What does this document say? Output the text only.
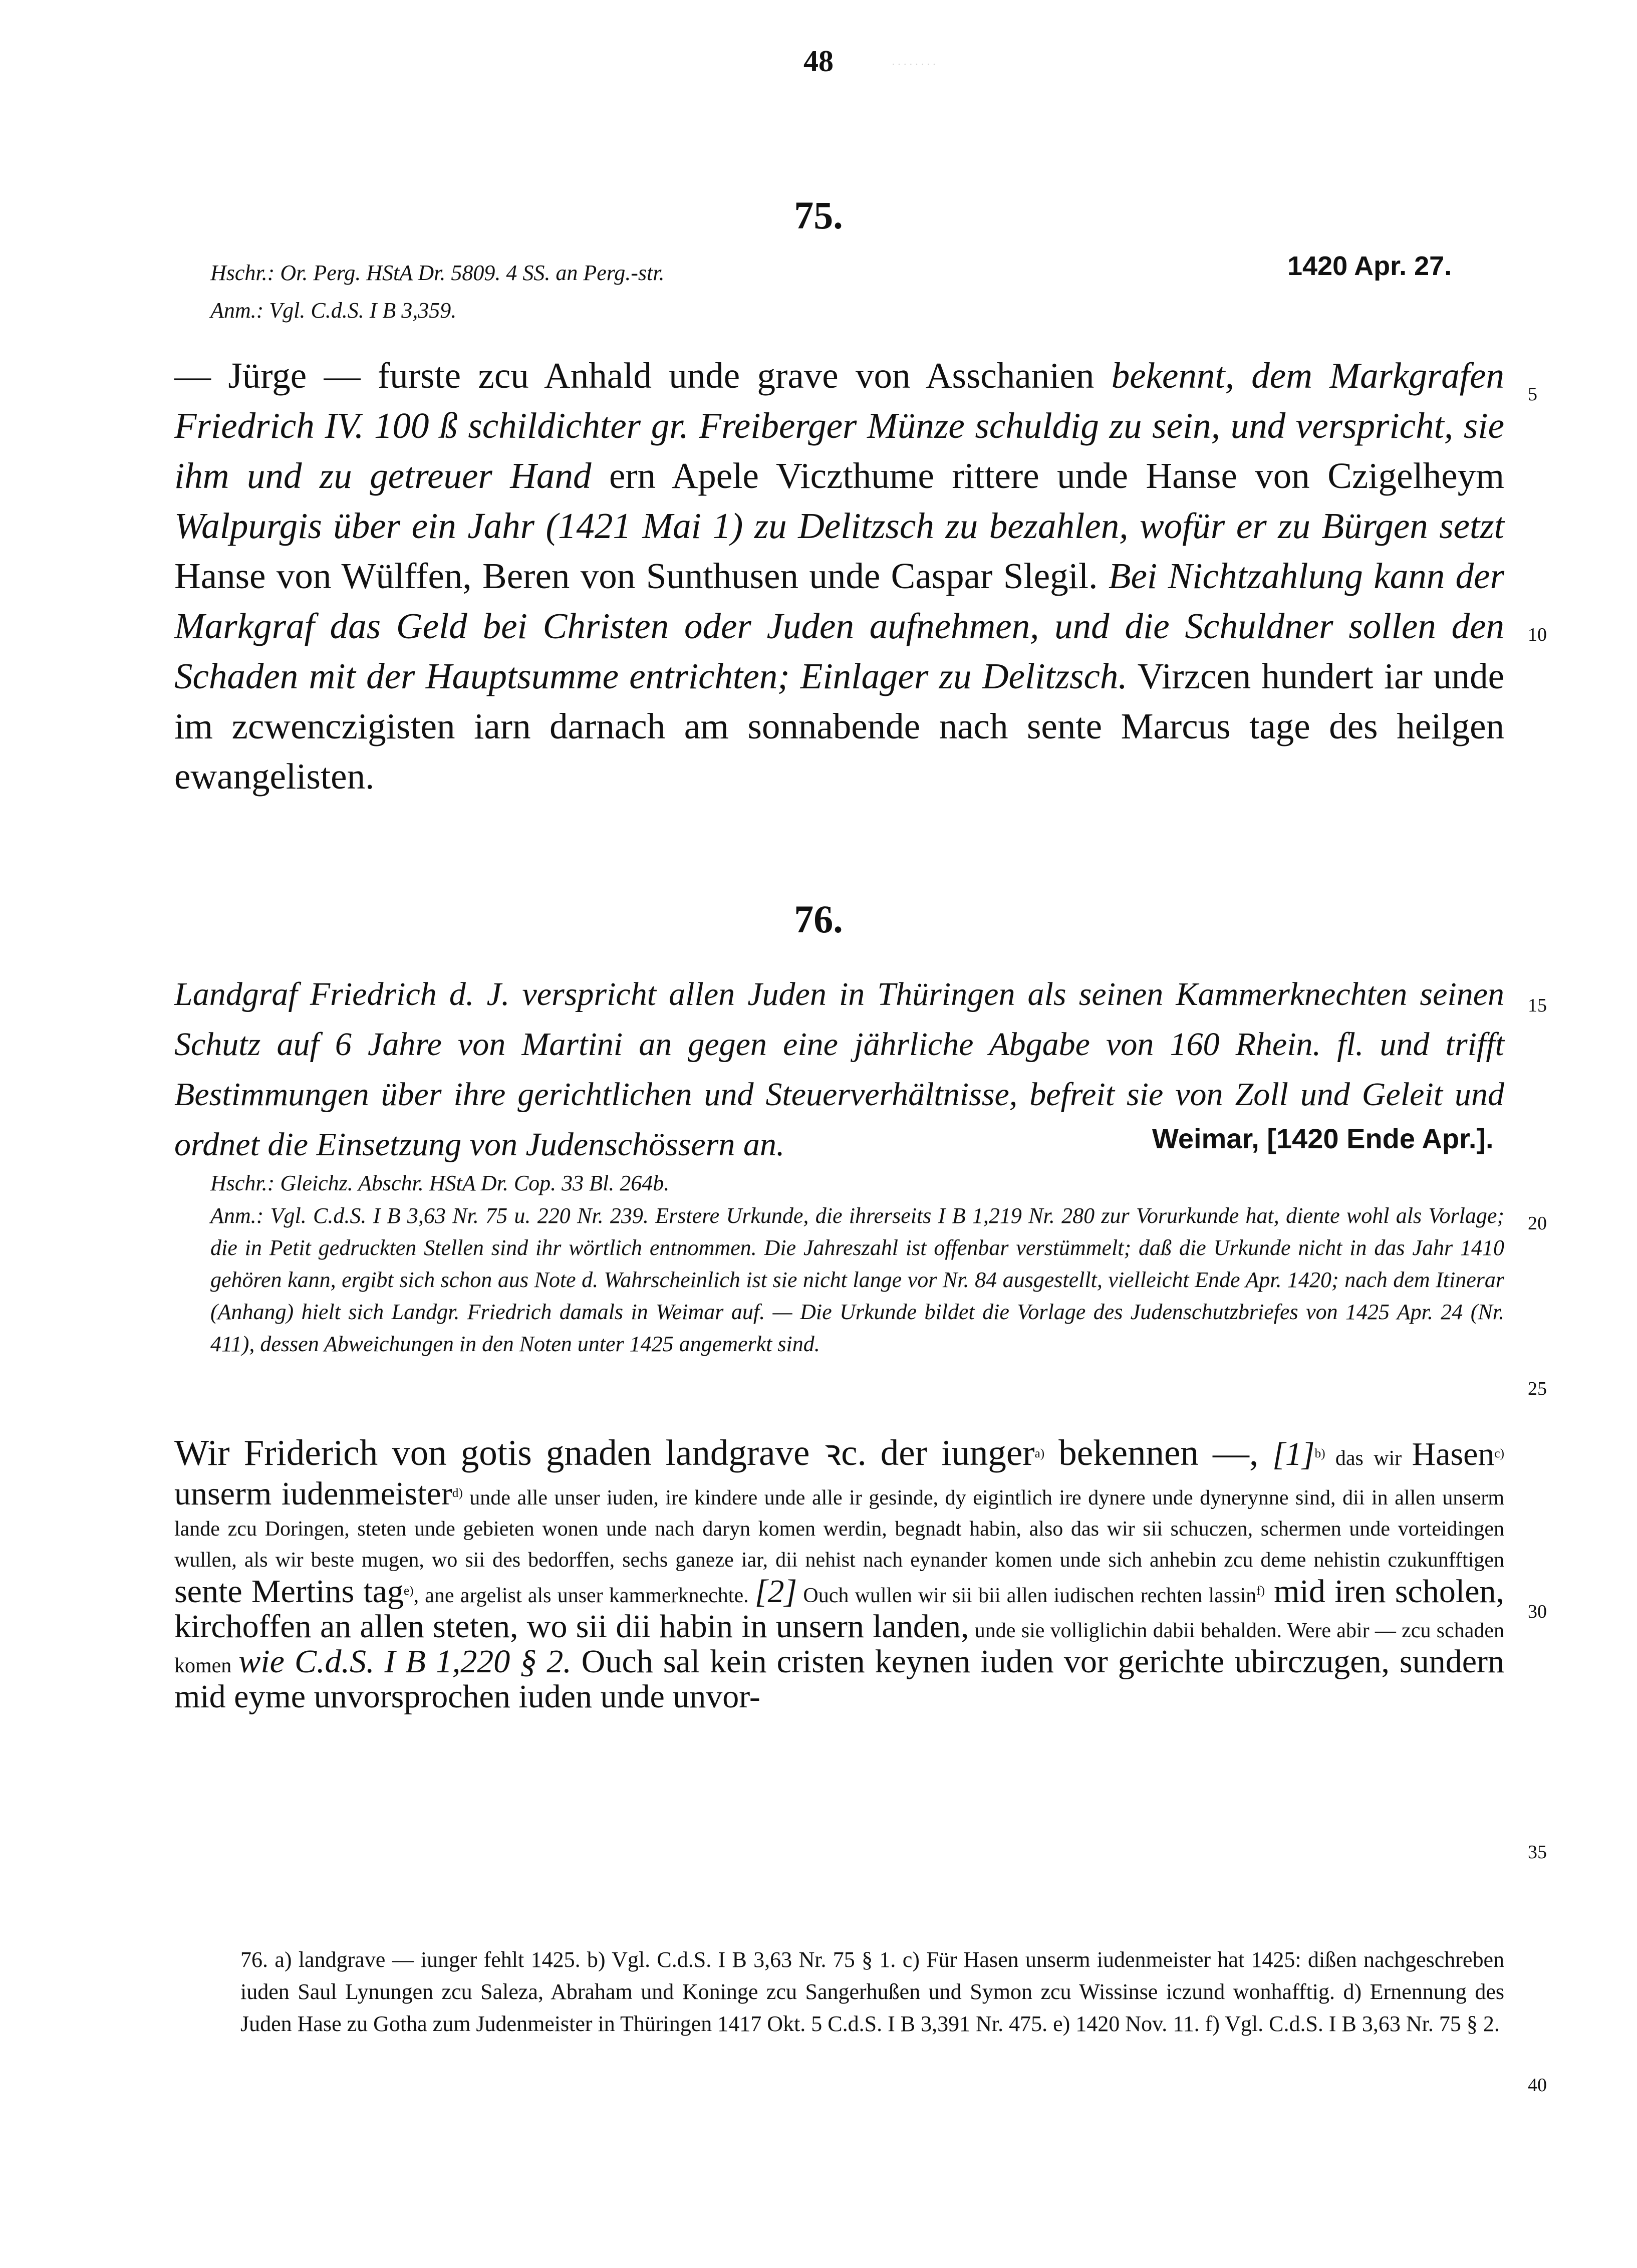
48	· · · · · · · ·
75.
Hschr.: Or. Perg. HStA Dr. 5809. 4 SS. an Perg.-str.
Anm.: Vgl. C.d.S. I B 3,359.
1420 Apr. 27.
— Jürge — furste zcu Anhald unde grave von Asschanien bekennt, dem Markgrafen Friedrich IV. 100 ß schildichter gr. Freiberger Münze schuldig zu sein, und verspricht, sie ihm und zu getreuer Hand ern Apele Vicztһume rittere unde Hanse von Czigelheym Walpurgis über ein Jahr (1421 Mai 1) zu Delitzsch zu bezahlen, wofür er zu Bürgen setzt Hanse von Wülffen, Beren von Sunthusen unde Caspar Slegil. Bei Nichtzahlung kann der Markgraf das Geld bei Christen oder Juden aufnehmen, und die Schuldner sollen den Schaden mit der Hauptsumme entrichten; Einlager zu Delitzsch. Virzcen hundert iar unde im zcwenczigisten iarn darnach am sonnabende nach sente Marcus tage des heilgen ewangelisten.
76.
Landgraf Friedrich d. J. verspricht allen Juden in Thüringen als seinen Kammerknechten seinen Schutz auf 6 Jahre von Martini an gegen eine jährliche Abgabe von 160 Rhein. fl. und trifft Bestimmungen über ihre gerichtlichen und Steuerverhältnisse, befreit sie von Zoll und Geleit und ordnet die Einsetzung von Judenschössern an.	Weimar, [1420 Ende Apr.].
Hschr.: Gleichz. Abschr. HStA Dr. Cop. 33 Bl. 264b.
Anm.: Vgl. C.d.S. I B 3,63 Nr. 75 u. 220 Nr. 239. Erstere Urkunde, die ihrerseits I B 1,219 Nr. 280 zur Vorurkunde hat, diente wohl als Vorlage; die in Petit gedruckten Stellen sind ihr wörtlich entnommen. Die Jahreszahl ist offenbar verstümmelt; daß die Urkunde nicht in das Jahr 1410 gehören kann, ergibt sich schon aus Note d. Wahrscheinlich ist sie nicht lange vor Nr. 84 ausgestellt, vielleicht Ende Apr. 1420; nach dem Itinerar (Anhang) hielt sich Landgr. Friedrich damals in Weimar auf. — Die Urkunde bildet die Vorlage des Judenschutzbriefes von 1425 Apr. 24 (Nr. 411), dessen Abweichungen in den Noten unter 1425 angemerkt sind.
Wir Friderich von gotis gnaden landgrave ꝛc. der iunger$^{a)}$ bekennen —, $[1]^{b)}$ das wir Hasen$^{c)}$ unserm iudenmeister$^{d)}$ unde alle unser iuden, ire kindere unde alle ir gesinde, dy eigintlich ire dynere unde dynerynne sind, dii in allen unserm lande zcu Doringen, steten unde gebieten wonen unde nach daryn komen werdin, begnadt habin, also das wir sii schuczen, schermen unde vorteidingen wullen, als wir beste mugen, wo sii des bedorffen, sechs ganeze iar, dii nehist nach eynander komen unde sich anhebin zcu deme nehistin czukunfftigen sente Mertins tag$^{e)}$, ane argelist als unser kammerknechte. [2] Ouch wullen wir sii bii allen iudischen rechten lassin$^{f)}$ mid iren scholen, kirchoffen an allen steten, wo sii dii habin in unsern landen, unde sie volliglichin dabii behalden. Were abir — zcu schaden komen wie C.d.S. I B 1,220 § 2. Ouch sal kein cristen keynen iuden vor gerichte ubirczugen, sundern mid eyme unvorsprochen iuden unde unvor-
76. a) landgrave — iunger fehlt 1425. b) Vgl. C.d.S. I B 3,63 Nr. 75 § 1. c) Für Hasen unserm iudenmeister hat 1425: dißen nachgeschreben iuden Saul Lynungen zcu Saleza, Abraham und Koninge zcu Sangerhußen und Symon zcu Wissinse iczund wonhafftig. d) Ernennung des Juden Hase zu Gotha zum Judenmeister in Thüringen 1417 Okt. 5 C.d.S. I B 3,391 Nr. 475. e) 1420 Nov. 11. f) Vgl. C.d.S. I B 3,63 Nr. 75 § 2.
5
10
15
20
25
30
35
40
